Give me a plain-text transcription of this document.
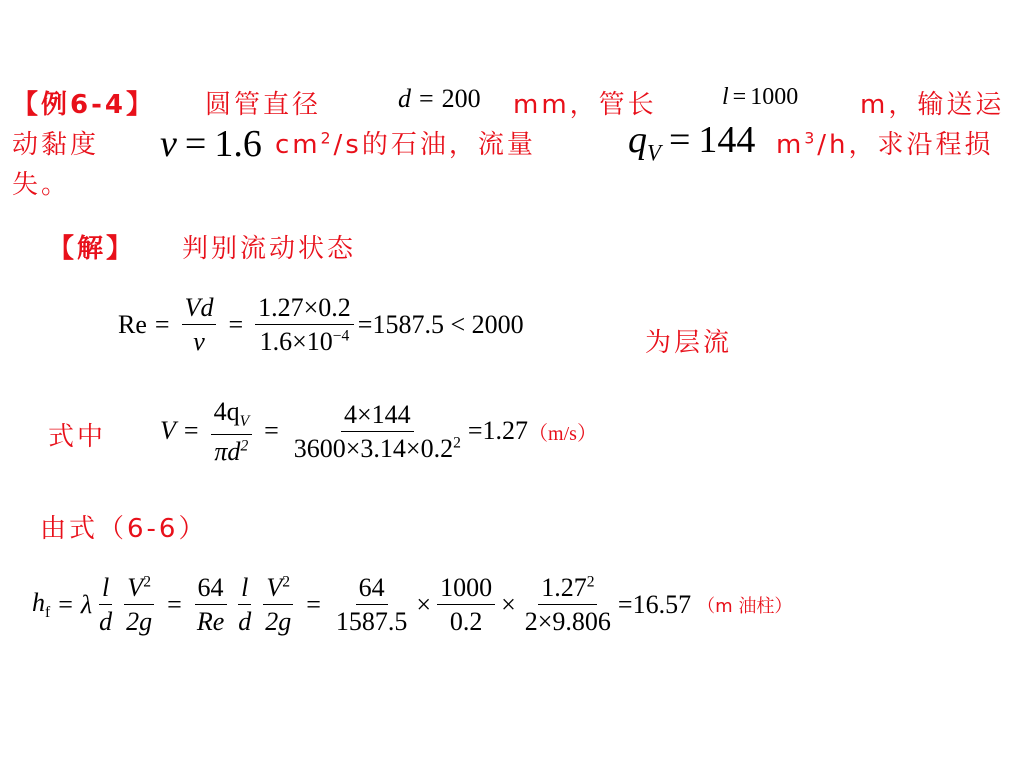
【例6-4】 圆管直径	d = 200 mm，管长	l = 1000 m，输送运
动黏度 ν = 1.6 $cm^2/s$的石油，流量 $q_V = 144$ $m^3/h$，求沿程损
失。
【解】 判别流动状态
$Re = \frac{Vd}{\nu} = \frac{1.27\times 0.2}{1.6\times 10^{-4}} =1587.5 < 2000$
为层流
式中 $V = \frac{4q_V}{\pi d^2} = \frac{4\times 144}{3600\times 3.14\times 0.2^2} =1.27$ （m/s）
由式（6-6）
$h_f = \lambda \frac{l}{d} \frac{V^2}{2g} = \frac{64}{Re} \frac{l}{d} \frac{V^2}{2g} = \frac{64}{1587.5} \times \frac{1000}{0.2} \times \frac{1.27^2}{2\times 9.806} =16.57$ （m 油柱）
